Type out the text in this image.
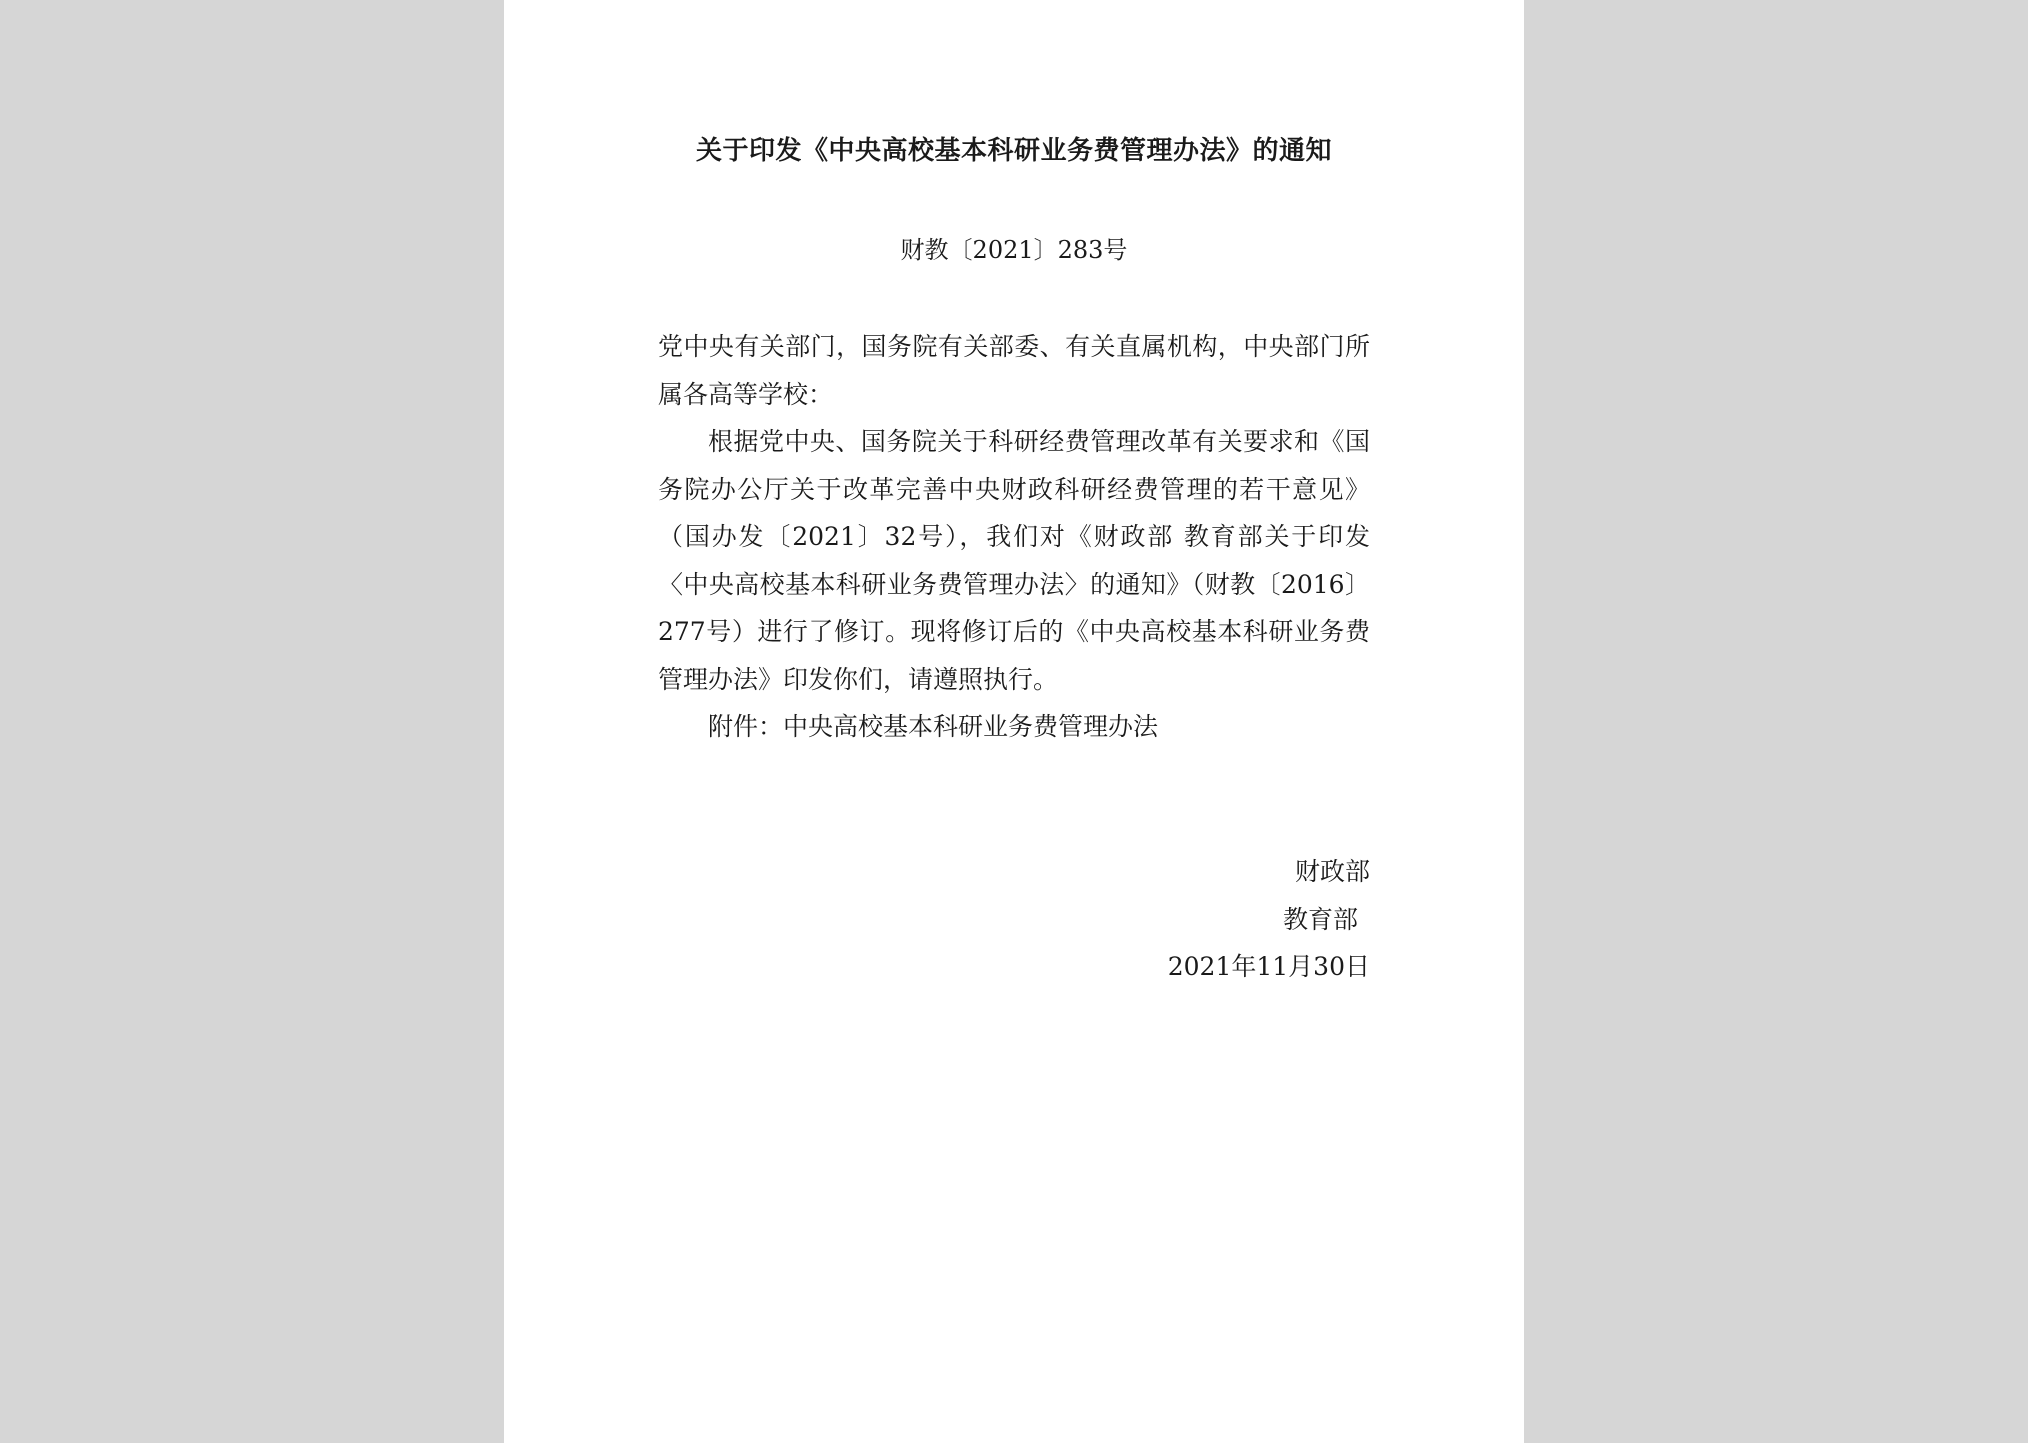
关于印发《中央高校基本科研业务费管理办法》的通知
财教〔2021〕283号

党中央有关部门，国务院有关部委、有关直属机构，中央部门所属各高等学校：

根据党中央、国务院关于科研经费管理改革有关要求和《国务院办公厅关于改革完善中央财政科研经费管理的若干意见》（国办发〔2021〕32号），我们对《财政部 教育部关于印发〈中央高校基本科研业务费管理办法〉的通知》（财教〔2016〕277号）进行了修订。现将修订后的《中央高校基本科研业务费管理办法》印发你们，请遵照执行。

附件：中央高校基本科研业务费管理办法

财政部
教育部
2021年11月30日
